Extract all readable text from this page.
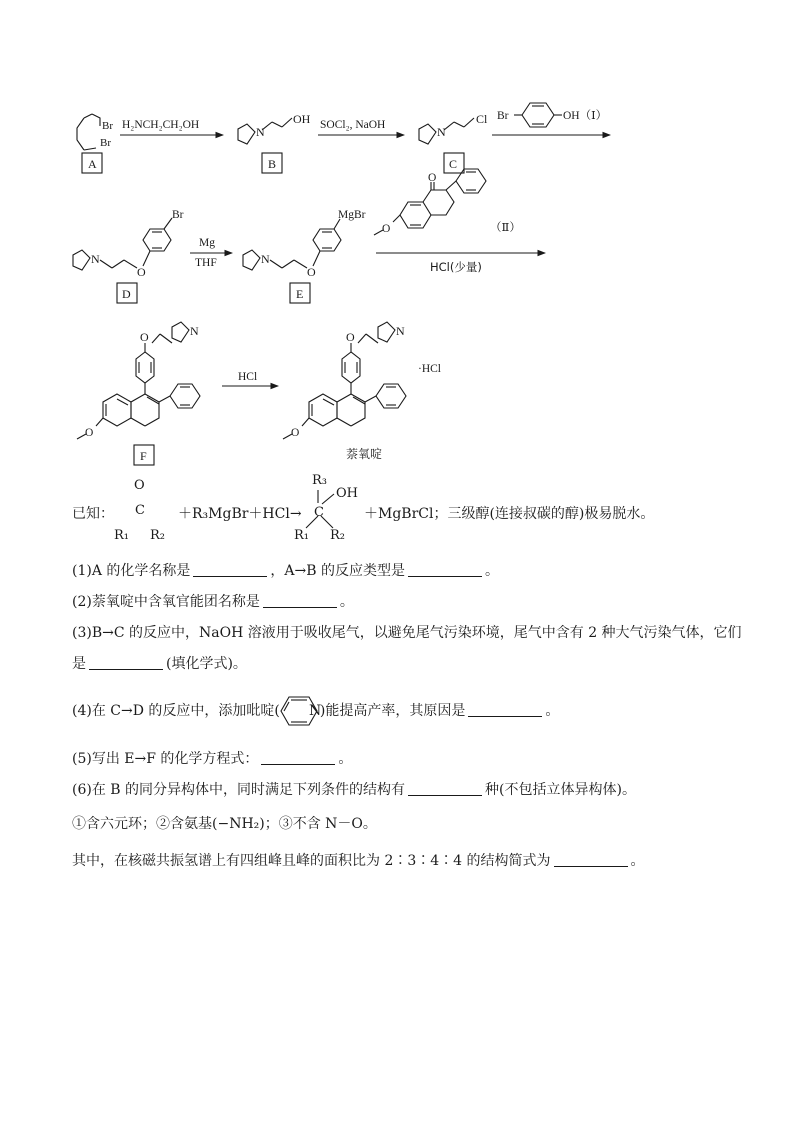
Br
Br
A
H₂NCH₂CH₂OH	N
OH
B
SOCl₂, NaOH	N
Cl
C
Br	OH（Ⅰ）
N
O
Br
D
Mg
THF	N
O
MgBr
E
HCl(少量)
O
O	（Ⅱ）
N
O
O
F
HCl
N
O
O
·HCl
萘氧啶
已知：
O
C
R₁ R₂
＋R₃MgBr＋HCl→
R₃
OH
C
R₁ R₂
＋MgBrCl；三级醇(连接叔碳的醇)极易脱水。
(1)A 的化学名称是	，A→B 的反应类型是	。
(2)萘氧啶中含氧官能团名称是	。
(3)B→C 的反应中，NaOH 溶液用于吸收尾气，以避免尾气污染环境，尾气中含有 2 种大气污染气体，它们
是	(填化学式)。
(4)在 C→D 的反应中，添加吡啶(	)能提高产率，其原因是	。
N
(5)写出 E→F 的化学方程式：	。
(6)在 B 的同分异构体中，同时满足下列条件的结构有	种(不包括立体异构体)。
①含六元环；②含氨基(−NH₂)；③不含 N－O。
其中，在核磁共振氢谱上有四组峰且峰的面积比为 2∶3∶4∶4 的结构简式为	。
